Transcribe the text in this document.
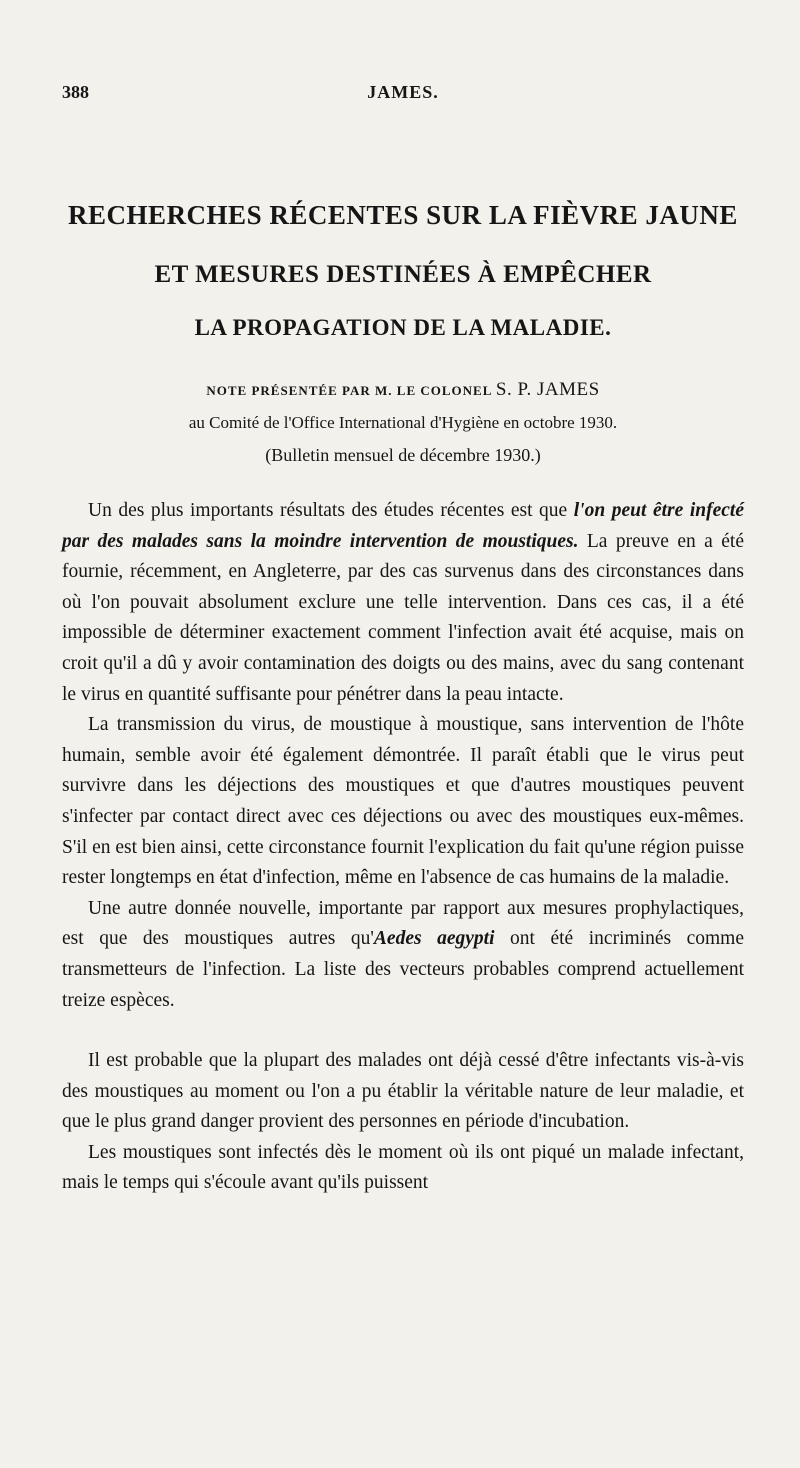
388	JAMES.
RECHERCHES RÉCENTES SUR LA FIÈVRE JAUNE
ET MESURES DESTINÉES À EMPÊCHER
LA PROPAGATION DE LA MALADIE.
NOTE PRÉSENTÉE PAR M. LE COLONEL S. P. JAMES
au Comité de l'Office International d'Hygiène en octobre 1930.
(Bulletin mensuel de décembre 1930.)

Un des plus importants résultats des études récentes est que l'on peut être infecté par des malades sans la moindre intervention de moustiques. La preuve en a été fournie, récemment, en Angleterre, par des cas survenus dans des circonstances dans où l'on pouvait absolument exclure une telle intervention. Dans ces cas, il a été impossible de déterminer exactement comment l'infection avait été acquise, mais on croit qu'il a dû y avoir contamination des doigts ou des mains, avec du sang contenant le virus en quantité suffisante pour pénétrer dans la peau intacte.

La transmission du virus, de moustique à moustique, sans intervention de l'hôte humain, semble avoir été également démontrée. Il paraît établi que le virus peut survivre dans les déjections des moustiques et que d'autres moustiques peuvent s'infecter par contact direct avec ces déjections ou avec des moustiques eux-mêmes. S'il en est bien ainsi, cette circonstance fournit l'explication du fait qu'une région puisse rester longtemps en état d'infection, même en l'absence de cas humains de la maladie.

Une autre donnée nouvelle, importante par rapport aux mesures prophylactiques, est que des moustiques autres qu'Aedes aegypti ont été incriminés comme transmetteurs de l'infection. La liste des vecteurs probables comprend actuellement treize espèces.

Il est probable que la plupart des malades ont déjà cessé d'être infectants vis-à-vis des moustiques au moment ou l'on a pu établir la véritable nature de leur maladie, et que le plus grand danger provient des personnes en période d'incubation.

Les moustiques sont infectés dès le moment où ils ont piqué un malade infectant, mais le temps qui s'écoule avant qu'ils puissent
